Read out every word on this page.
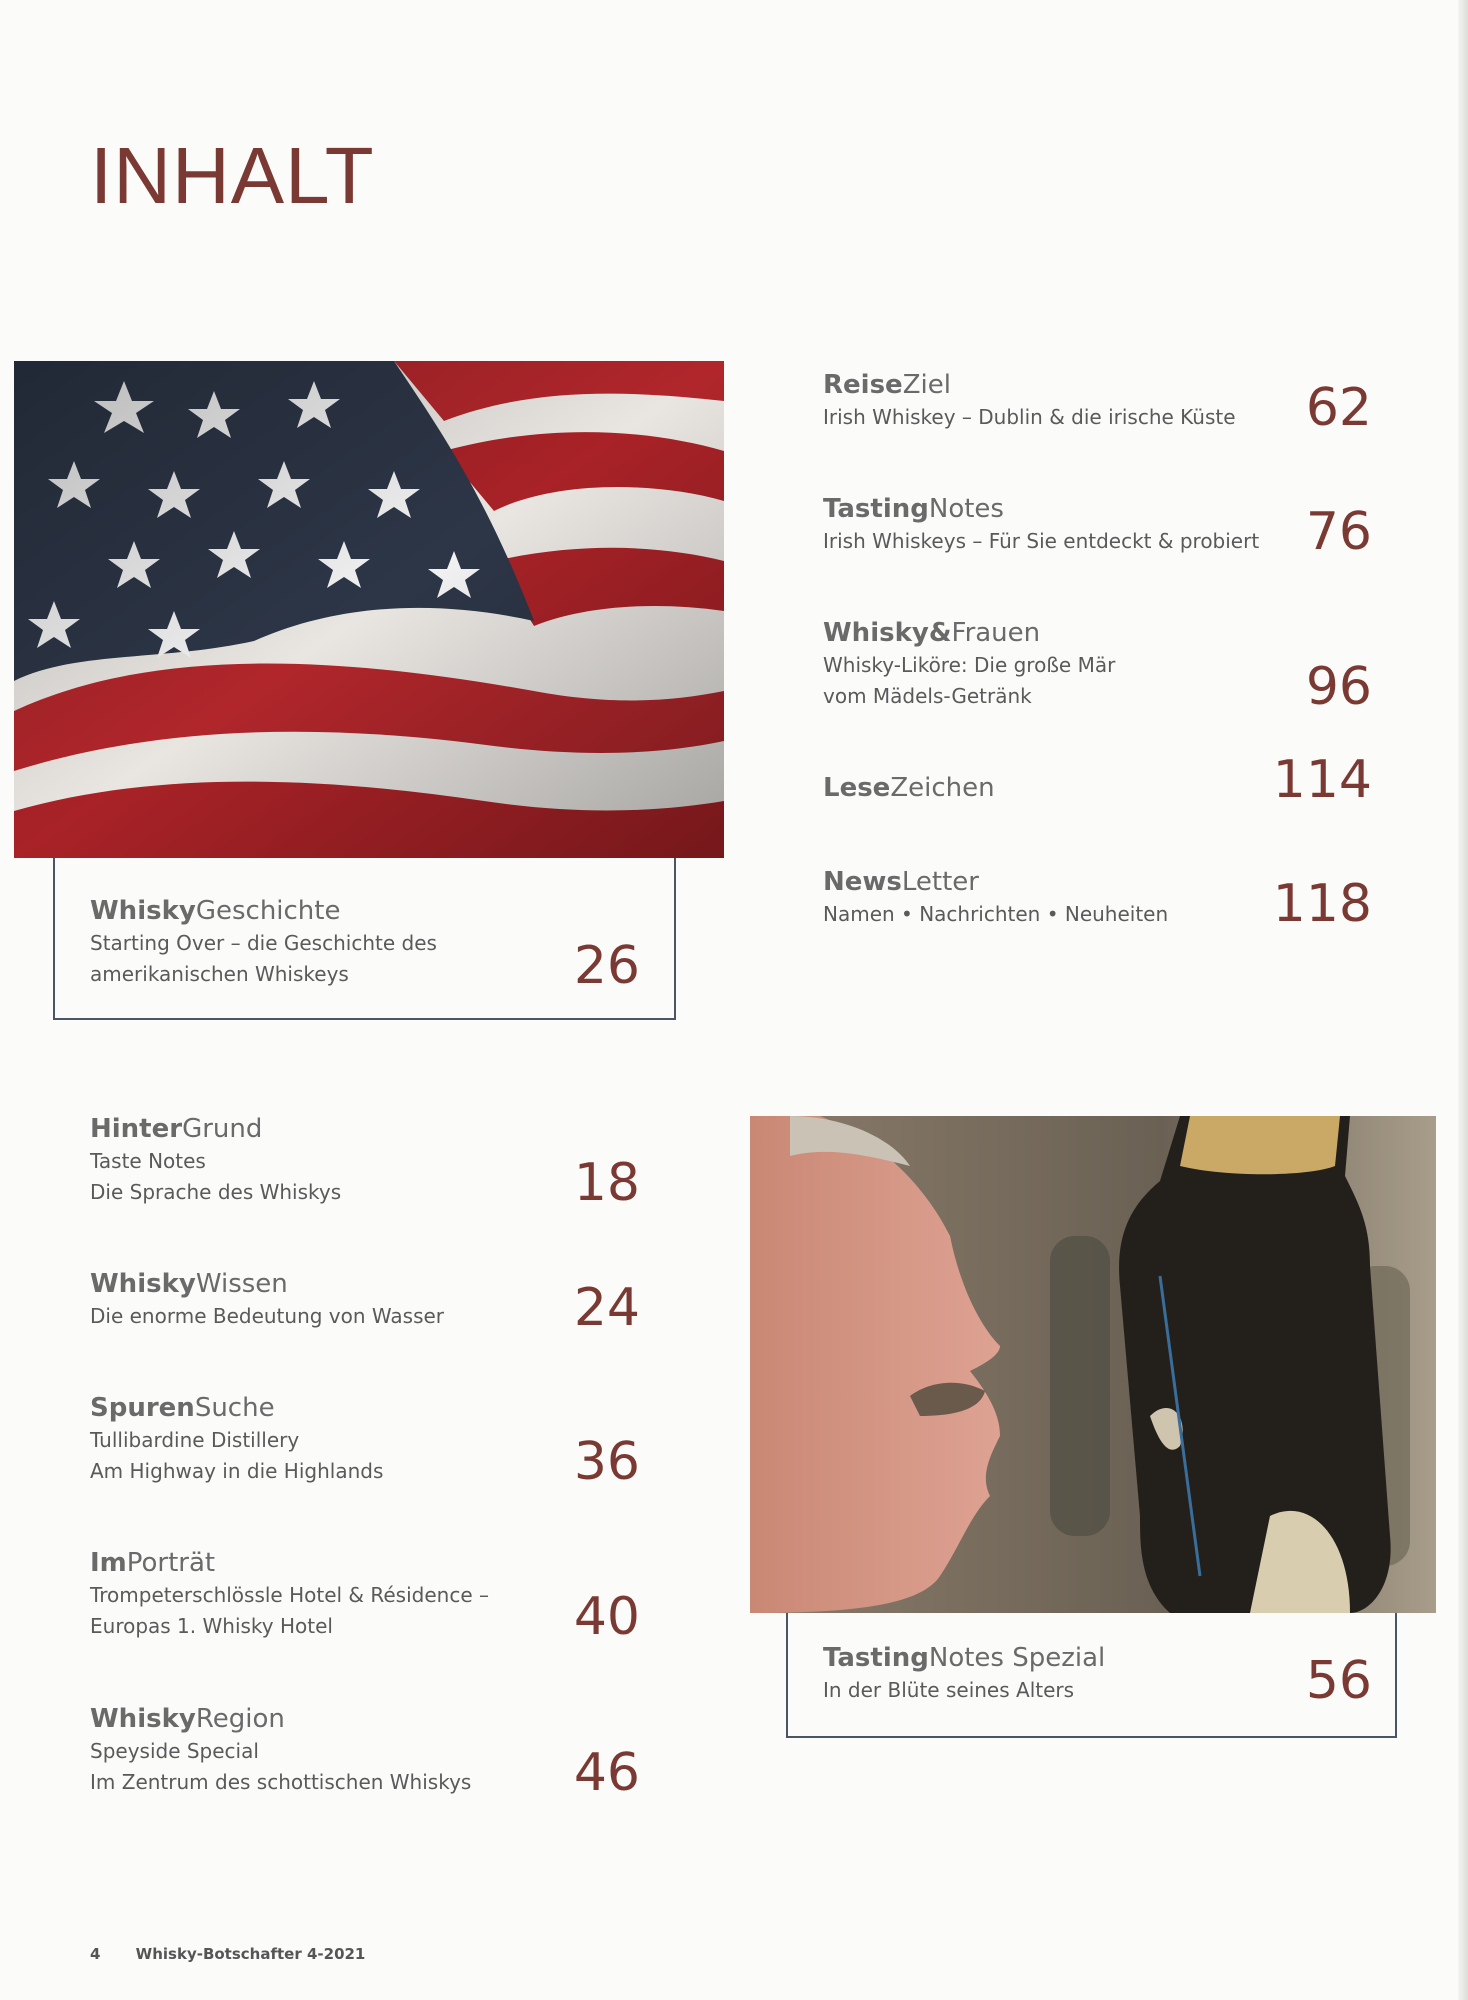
INHALT
WhiskyGeschichte
Starting Over – die Geschichte des
amerikanischen Whiskeys	26
ReiseZiel
Irish Whiskey – Dublin & die irische Küste	62
TastingNotes
Irish Whiskeys – Für Sie entdeckt & probiert 76
Whisky&Frauen
Whisky-Liköre: Die große Mär
vom Mädels-Getränk	96
LeseZeichen	114
NewsLetter
Namen • Nachrichten • Neuheiten	118
HinterGrund
Taste Notes
Die Sprache des Whiskys	18
WhiskyWissen
Die enorme Bedeutung von Wasser	24
SpurenSuche
Tullibardine Distillery
Am Highway in die Highlands	36
ImPorträt
Trompeterschlössle Hotel & Résidence –
Europas 1. Whisky Hotel	40
WhiskyRegion
Speyside Special
Im Zentrum des schottischen Whiskys	46
TastingNotes Spezial
In der Blüte seines Alters	56
4 Whisky-Botschafter 4-2021
